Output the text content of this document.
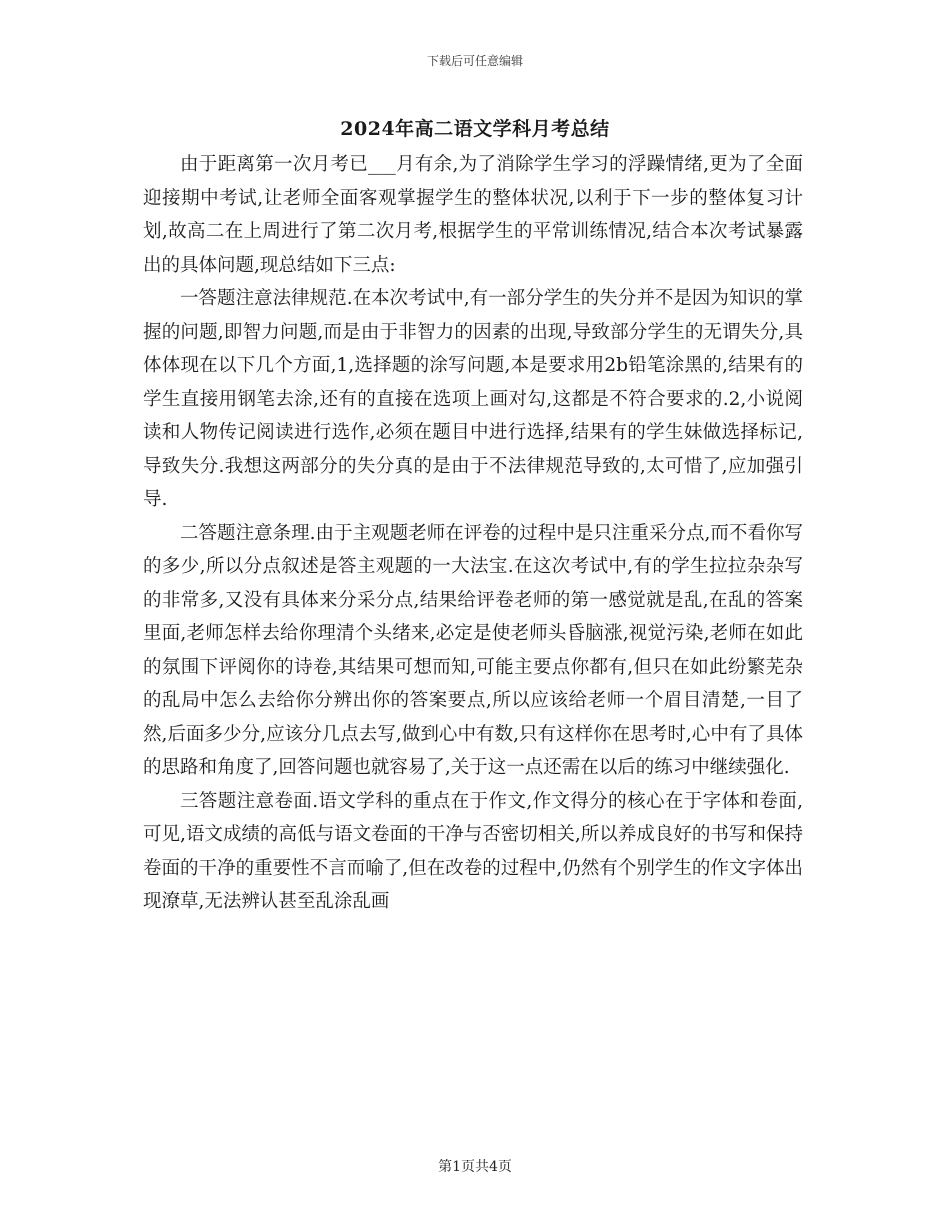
下载后可任意编辑
2024年高二语文学科月考总结

由于距离第一次月考已___月有余,为了消除学生学习的浮躁情绪,更为了全面迎接期中考试,让老师全面客观掌握学生的整体状况,以利于下一步的整体复习计划,故高二在上周进行了第二次月考,根据学生的平常训练情况,结合本次考试暴露出的具体问题,现总结如下三点:

一答题注意法律规范.在本次考试中,有一部分学生的失分并不是因为知识的掌握的问题,即智力问题,而是由于非智力的因素的出现,导致部分学生的无谓失分,具体体现在以下几个方面,1,选择题的涂写问题,本是要求用2b铅笔涂黑的,结果有的学生直接用钢笔去涂,还有的直接在选项上画对勾,这都是不符合要求的.2,小说阅读和人物传记阅读进行选作,必须在题目中进行选择,结果有的学生妹做选择标记,导致失分.我想这两部分的失分真的是由于不法律规范导致的,太可惜了,应加强引导.

二答题注意条理.由于主观题老师在评卷的过程中是只注重采分点,而不看你写的多少,所以分点叙述是答主观题的一大法宝.在这次考试中,有的学生拉拉杂杂写的非常多,又没有具体来分采分点,结果给评卷老师的第一感觉就是乱,在乱的答案里面,老师怎样去给你理清个头绪来,必定是使老师头昏脑涨,视觉污染,老师在如此的氛围下评阅你的诗卷,其结果可想而知,可能主要点你都有,但只在如此纷繁芜杂的乱局中怎么去给你分辨出你的答案要点,所以应该给老师一个眉目清楚,一目了然,后面多少分,应该分几点去写,做到心中有数,只有这样你在思考时,心中有了具体的思路和角度了,回答问题也就容易了,关于这一点还需在以后的练习中继续强化.

三答题注意卷面.语文学科的重点在于作文,作文得分的核心在于字体和卷面,可见,语文成绩的高低与语文卷面的干净与否密切相关,所以养成良好的书写和保持卷面的干净的重要性不言而喻了,但在改卷的过程中,仍然有个别学生的作文字体出现潦草,无法辨认甚至乱涂乱画

第1页共4页
